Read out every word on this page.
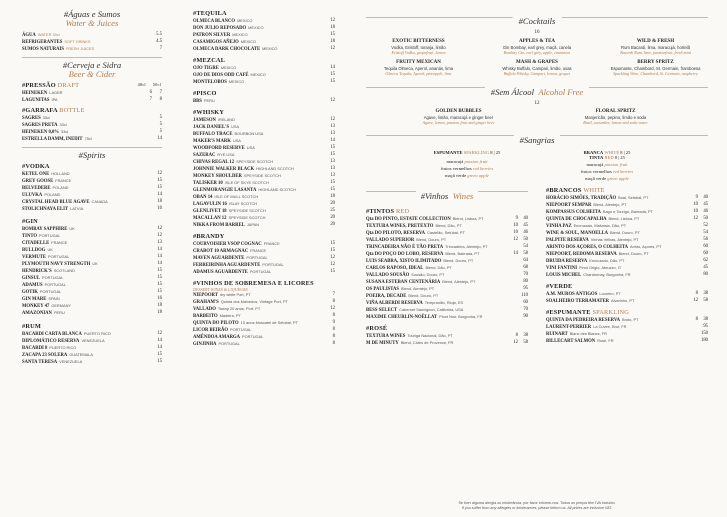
#Águas e Sumos
Water & Juices
ÁGUA WATER 33cl	5.5
REFRIGERANTES SOFT DRINKS	4.5
SUMOS NATURAIS FRESH JUICES	7
#Cerveja e Sidra
Beer & Cider
#PRESSÃO DRAFT	40cl 50cl
HEINEKEN LAGER	6	7
LAGUNITAS IPA	7	8
#GARRAFA BOTTLE
SAGRES 33cl	5
SAGRES PRETA 33cl	5
HEINEKEN 0,0% 33cl	5
ESTRELLA DAMM, INEDIT 75cl	14
#Spirits
#VODKA
KETEL ONE HOLLAND	12
GREY GOOSE FRANCE	15
BELVEDERE POLAND	15
ULUVKA POLAND	14
CRYSTAL HEAD BLUE AGAVE CANADA	18
STOLICHNAYA ELIT LATVIA	16
#GIN
BOMBAY SAPPHIRE UK	12
TINTO PORTUGAL	12
CITADELLE FRANCE	13
BULLDOG UK	14
VERMUTE PORTUGAL	14
PLYMOUTH NAVY STRENGTH UK	14
HENDRICK'S SCOTLAND	15
GINSUL PORTUGAL	15
ADAMUS PORTUGAL	15
GOTIK PORTUGAL	15
GIN MARE SPAIN	16
MONKEY 47 GERMANY	18
AMAZONIAN PERU	18
#RUM
BACARDI CARTA BLANCA PUERTO RICO	12
DIPLOMÁTICO RESERVA VENEZUELA	14
BACARDI 8 PUERTO RICO	14
ZACAPA 23 SOLERA GUATEMALA	15
SANTA TERESA VENEZUELA	15
#TEQUILA
OLMECA BLANCO MEXICO	12
DON JULIO REPOSADO MEXICO	18
PATRON SILVER MEXICO	15
CASAMIGOS AÑEJO MEXICO	18
OLMECA DARK CHOCOLATE MEXICO	12
#MEZCAL
OJO TIGRE MEXICO	14
OJO DE DIOS ODD CAFÉ MEXICO	15
MONTELOBOS MEXICO	15
#PISCO
BBS PERU	12
#WHISKY
JAMESON IRELAND	12
JACK DANIEL'S USA	13
BUFFALO TRACE BOURBON USA	13
MAKER'S MARK USA	14
WOODFORD RESERVE USA	15
SAZERAC RYE USA	15
CHIVAS REGAL 12 SPEYSIDE SCOTCH	13
JOHNNIE WALKER BLACK HIGHLAND SCOTCH	13
MONKEY SHOULDER SPEYSIDE SCOTCH	13
TALISKER 10 ISLE OF SKYE SCOTCH	15
GLENMORANGIE LASANTA HIGHLAND SCOTCH	15
OBAN 14 ISLE OF MULL SCOTCH	18
LAGAVULIN 16 ISLAY SCOTCH	20
GLENLIVET 18 SPEYSIDE SCOTCH	25
MACALLAN 12 SPEYSIDE SCOTCH	20
NIKKA FROM BARREL JAPAN	20
#BRANDY
COURVOISIER VSOP COGNAC FRANCE	15
CRABOT 10 ARMAGNAC FRANCE	15
MAVEN AGUARDENTE PORTUGAL	12
FERREIRINHA AGUARDENTE PORTUGAL	12
ADAMUS AGUARDENTE PORTUGAL	15
#VINHOS DE SOBREMESA E LICORES
DESSERT WINES & LIQUEURS
NIEPOORT dry white Port, PT	7
GRAHAM'S Quinta dos Malvedos, Vintage Port, PT	8
VALLADO Tawny 20 anos, Port, PT	12
BARBEITO Madeira, PT	8
QUINTA DO PILOTO 10 anos Moscatel de Setúbal, PT	9
LICOR BEIRÃO PORTUGAL	8
AMÊNDOA AMARGA PORTUGAL	8
GINJINHA PORTUGAL	8
#Cocktails
16
EXOTIC BITTERNESS
Vodka, Eristoff, toranja, limão
Eristoff Vodka, grapefruit, lemon
APPLES & TEA
Gin Bombay, earl grey, maçã, canela
Bombay Gin, earl grey, apple, cinnamon
WILD & FRESH
Rum Bacardi, lima, maracujá, hortelã
Bacardi Rum, lime, passionfruit, fresh mint
FRUITY MEXICAN
Tequila Olmeca, Aperol, ananás, lima
Olmeca Tequila, Aperol, pineapple, lime
MASH & GRAPES
Whisky Buffalo, Campari, limão, uvas
Buffalo Whisky, Campari, lemon, grapes
BERRY SPRITZ
Espumante, Chambord, St. Germain, framboesa
Sparkling Wine, Chambord, St. Germain, raspberry
#Sem Álcool Alcohol Free
12
GOLDEN BUBBLES
Agave, limão, maracujá e ginger beer
Agave, lemon, passion fruit and ginger beer
FLORAL SPRITZ
Manjericão, pepino, limão e soda
Basil, cucumber, lemon and soda water
#Sangrias
ESPUMANTE SPARKLING 8 | 25
maracujá passion fruit
frutos vermelhos red berries
maçã verde green apple
BRANCA WHITE 8 | 25
TINTA RED 8 | 25
maracujá passion fruit
frutos vermelhos red berries
maçã verde green apple
#Vinhos Wines
#TINTOS RED
Qta DO PINTO, ESTATE COLLECTION Blend, Lisboa, PT	9 40
TEXTURA WINES, PRETEXTO Blend, Dão, PT	10 45
Qta DO PILOTO, RESERVA Castelão, Setúbal, PT	10 46
VALLADO SUPERIOR Blend, Douro, PT	12 50
TRINCADEIRA NÃO É TÃO PRETA Trincadeira, Alentejo, PT	54
Qta DO POÇO DO LOBO, RESERVA Blend, Bairrada, PT	14 58
LUIS SEABRA, XISTO ILIMITADO Blend, Douro, PT	64
CARLOS RAPOSO, IDEAL Blend, Dão, PT	68
VALLADO SOUSÃO Sousão, Douro, PT	70
SUSANA ESTEBAN CENTENÁRIA Blend, Alentejo, PT	80
OS PAULISTAS Blend, Alentejo, PT	95
POEIRA, DECADE Blend, Douro, PT	110
VIÑA ALBERDI RESERVA Tempranillo, Rioja, ES	60
BESS SELECT Cabernet Sauvignon, California, USA	70
MAXIME CHEURLIN-NOËLLAT Pinot Noir, Borgonha, FR	90
#ROSÉ
TEXTURA WINES Touriga Nacional, Dão, PT	8 38
M DE MINUTY Blend, Côtes de Provence, FR	12 58
#BRANCOS WHITE
HORÁCIO SIMÕES, TRADIÇÃO Boal, Setúbal, PT	9 40
NIEPOORT SEMPAR Blend, Alentejo, PT	10 45
KOMPASSUS COLHEITA Bagu e Tourigo, Bairrada, PT	10 46
QUINTA DE CHOCAPALHA Blend, Lisboa, PT	12 50
VINHA PAZ Encruzado, Malvasia, Dão, PT	52
WINE & SOUL, MANOELLA Blend, Douro, PT	54
PALPITE RESERVA Vinhas Velhas, Alentejo, PT	56
ARINTO DOS AÇORES, O COLHEITA Arinto, Açores, PT	60
NIEPOORT, REDOMA RESERVA Blend, Douro, PT	60
DRUIDA RESERVA Encruzado, Dão, PT	62
VINI FANTINI Pinot Grigio, Abruzzo, IT	45
LOUIS MICHEL Chardonnay, Borgonha, FR	80
#VERDE
A.M. MUROS ANTIGOS Loureiro, PT	8 38
SOALHEIRO TERRAMATER Alvarinho, PT	12 58
#ESPUMANTE SPARKLING
QUINTA DA PEDREIRA RESERVA Bruto, PT	8 38
LAURENT-PERRIER La Cuvee, Brut, FR	95
RUINART Blanc des Blancs, FR	150
BILLECART SALMON Rosé, FR	180
Se tiver alguma alergia ou intolerância, por favor informe-nos. Todos os preços têm IVA incluído.
If you suffer from any allergies or intolerances, please inform us. All prices are inclusive VAT.
